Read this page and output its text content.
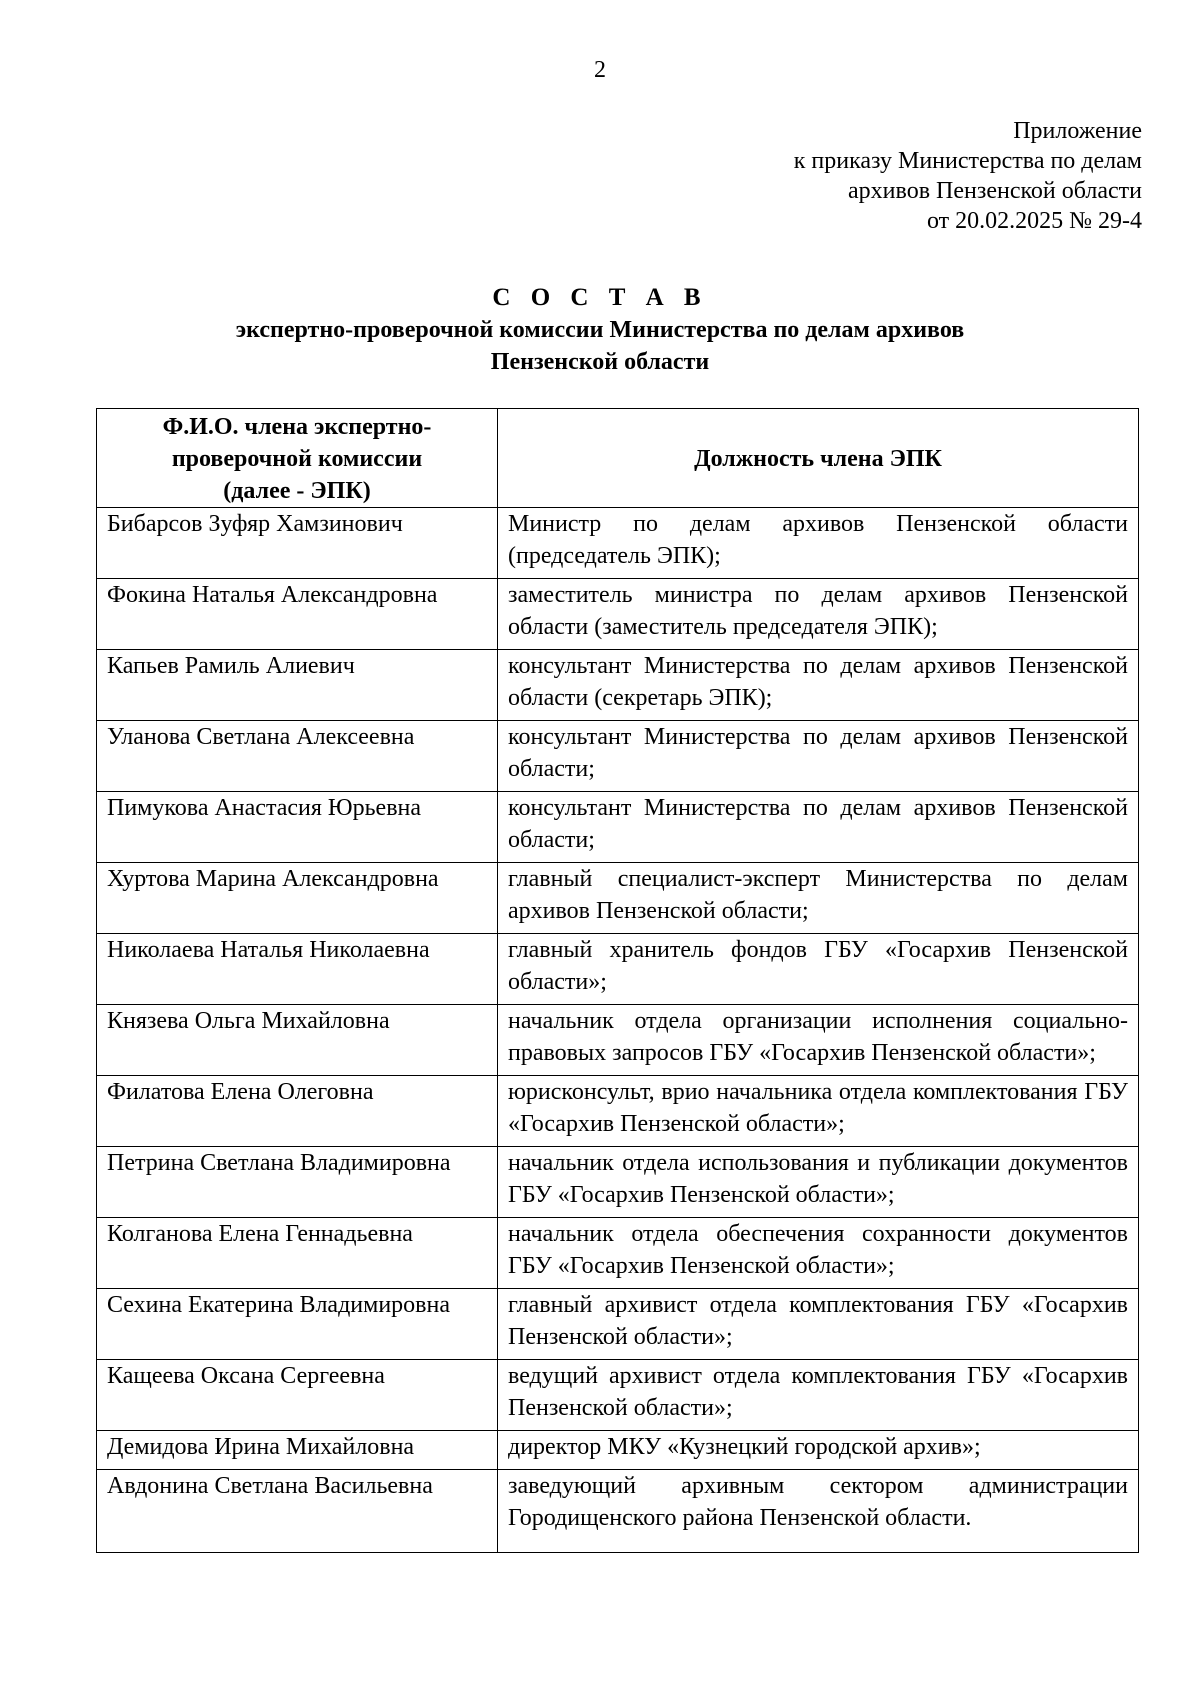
2
Приложение
к приказу Министерства по делам
архивов Пензенской области
от 20.02.2025 № 29-4
С О С Т А В
экспертно-проверочной комиссии Министерства по делам архивов
Пензенской области
Ф.И.О. члена экспертно-
проверочной комиссии
(далее - ЭПК)	Должность члена ЭПК
Бибарсов Зуфяр Хамзинович	Министр по делам архивов Пензенской области (председатель ЭПК);
Фокина Наталья Александровна	заместитель министра по делам архивов Пензенской области (заместитель председателя ЭПК);
Капьев Рамиль Алиевич	консультант Министерства по делам архивов Пензенской области (секретарь ЭПК);
Уланова Светлана Алексеевна	консультант Министерства по делам архивов Пензенской области;
Пимукова Анастасия Юрьевна	консультант Министерства по делам архивов Пензенской области;
Хуртова Марина Александровна	главный специалист-эксперт Министерства по делам архивов Пензенской области;
Николаева Наталья Николаевна	главный хранитель фондов ГБУ «Госархив Пензенской области»;
Князева Ольга Михайловна	начальник отдела организации исполнения социально-правовых запросов ГБУ «Госархив Пензенской области»;
Филатова Елена Олеговна	юрисконсульт, врио начальника отдела комплектования ГБУ «Госархив Пензенской области»;
Петрина Светлана Владимировна	начальник отдела использования и публикации документов ГБУ «Госархив Пензенской области»;
Колганова Елена Геннадьевна	начальник отдела обеспечения сохранности документов ГБУ «Госархив Пензенской области»;
Сехина Екатерина Владимировна	главный архивист отдела комплектования ГБУ «Госархив Пензенской области»;
Кащеева Оксана Сергеевна	ведущий архивист отдела комплектования ГБУ «Госархив Пензенской области»;
Демидова Ирина Михайловна	директор МКУ «Кузнецкий городской архив»;
Авдонина Светлана Васильевна	заведующий архивным сектором администрации Городищенского района Пензенской области.
